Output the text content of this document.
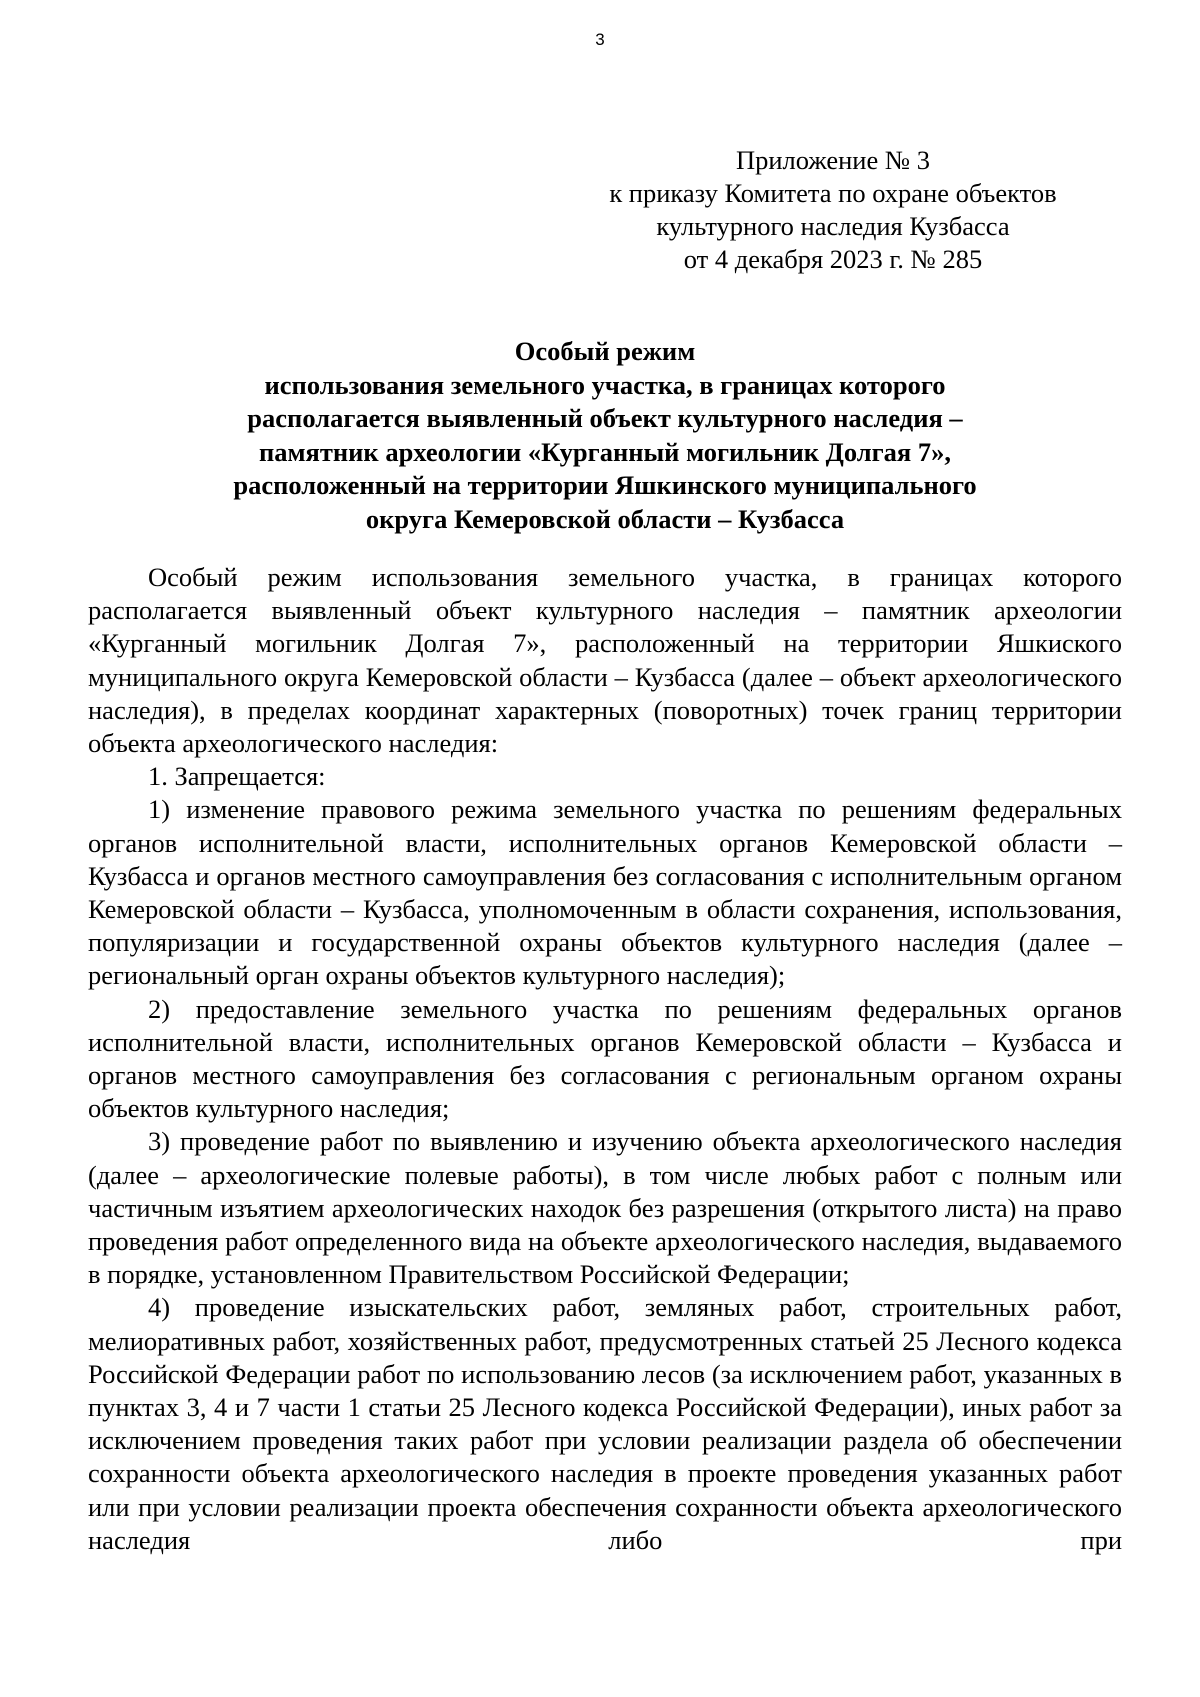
3
Приложение № 3
к приказу Комитета по охране объектов
культурного наследия Кузбасса
от 4 декабря 2023 г. № 285
Особый режим
использования земельного участка, в границах которого
располагается выявленный объект культурного наследия –
памятник археологии «Курганный могильник Долгая 7»,
расположенный на территории Яшкинского муниципального
округа Кемеровской области – Кузбасса

Особый режим использования земельного участка, в границах которого располагается выявленный объект культурного наследия – памятник археологии «Курганный могильник Долгая 7», расположенный на территории Яшкиского муниципального округа Кемеровской области – Кузбасса (далее – объект археологического наследия), в пределах координат характерных (поворотных) точек границ территории объекта археологического наследия:

1. Запрещается:

1) изменение правового режима земельного участка по решениям федеральных органов исполнительной власти, исполнительных органов Кемеровской области – Кузбасса и органов местного самоуправления без согласования с исполнительным органом Кемеровской области – Кузбасса, уполномоченным в области сохранения, использования, популяризации и государственной охраны объектов культурного наследия (далее – региональный орган охраны объектов культурного наследия);

2) предоставление земельного участка по решениям федеральных органов исполнительной власти, исполнительных органов Кемеровской области – Кузбасса и органов местного самоуправления без согласования с региональным органом охраны объектов культурного наследия;

3) проведение работ по выявлению и изучению объекта археологического наследия (далее – археологические полевые работы), в том числе любых работ с полным или частичным изъятием археологических находок без разрешения (открытого листа) на право проведения работ определенного вида на объекте археологического наследия, выдаваемого в порядке, установленном Правительством Российской Федерации;

4) проведение изыскательских работ, земляных работ, строительных работ, мелиоративных работ, хозяйственных работ, предусмотренных статьей 25 Лесного кодекса Российской Федерации работ по использованию лесов (за исключением работ, указанных в пунктах 3, 4 и 7 части 1 статьи 25 Лесного кодекса Российской Федерации), иных работ за исключением проведения таких работ при условии реализации раздела об обеспечении сохранности объекта археологического наследия в проекте проведения указанных работ или при условии реализации проекта обеспечения сохранности объекта археологического наследия либо при
